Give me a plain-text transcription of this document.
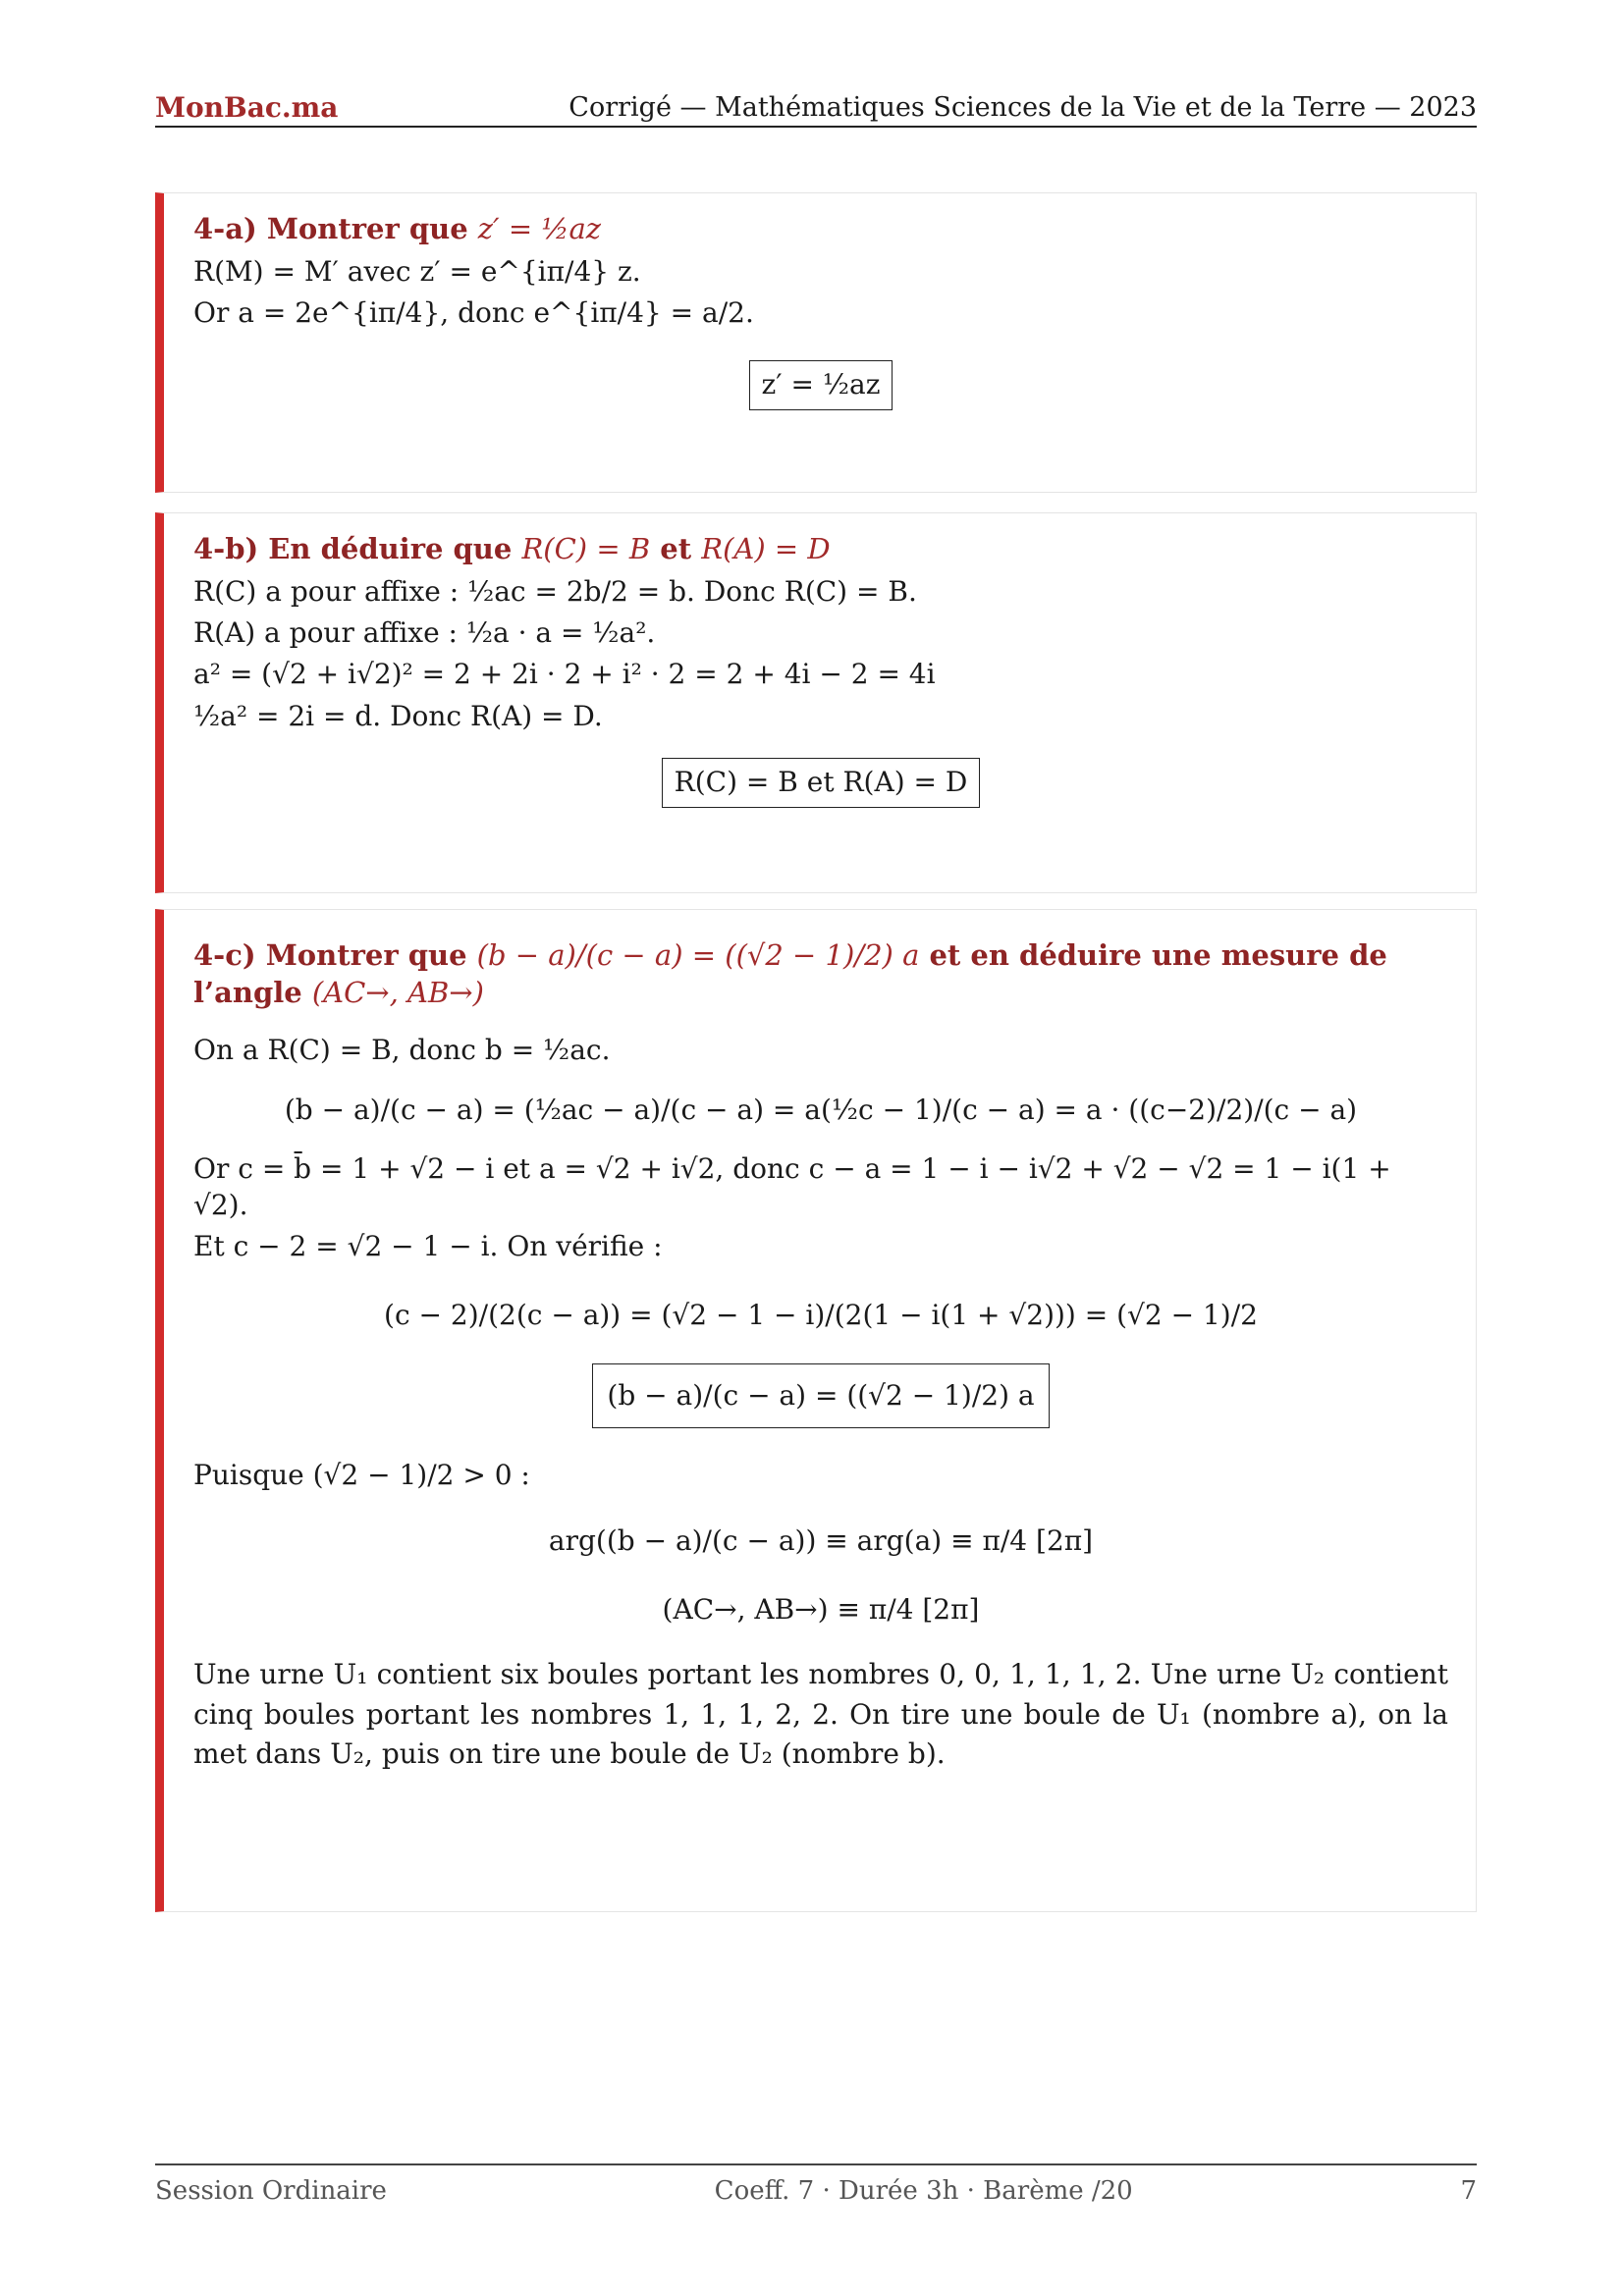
MonBac.ma	Corrigé — Mathématiques Sciences de la Vie et de la Terre — 2023
4-a) Montrer que z′ = ½az
R(M) = M′ avec z′ = e^{iπ/4} z.
Or a = 2e^{iπ/4}, donc e^{iπ/4} = a/2.
z′ = ½az
4-b) En déduire que R(C) = B et R(A) = D
R(C) a pour affixe : ½ac = 2b/2 = b. Donc R(C) = B.
R(A) a pour affixe : ½a · a = ½a².
a² = (√2 + i√2)² = 2 + 2i · 2 + i² · 2 = 2 + 4i − 2 = 4i
½a² = 2i = d. Donc R(A) = D.
R(C) = B et R(A) = D
4-c) Montrer que (b − a)/(c − a) = ((√2 − 1)/2) a et en déduire une mesure de l’angle (AC→, AB→)
On a R(C) = B, donc b = ½ac.
(b − a)/(c − a) = (½ac − a)/(c − a) = a(½c − 1)/(c − a) = a · ((c−2)/2)/(c − a)
Or c = b̄ = 1 + √2 − i et a = √2 + i√2, donc c − a = 1 − i − i√2 + √2 − √2 = 1 − i(1 + √2).
Et c − 2 = √2 − 1 − i. On vérifie :
(c − 2)/(2(c − a)) = (√2 − 1 − i)/(2(1 − i(1 + √2))) = (√2 − 1)/2
(b − a)/(c − a) = ((√2 − 1)/2) a
Puisque (√2 − 1)/2 > 0 :
arg((b − a)/(c − a)) ≡ arg(a) ≡ π/4 [2π]
(AC→, AB→) ≡ π/4 [2π]
Une urne U₁ contient six boules portant les nombres 0, 0, 1, 1, 1, 2. Une urne U₂ contient cinq boules portant les nombres 1, 1, 1, 2, 2. On tire une boule de U₁ (nombre a), on la met dans U₂, puis on tire une boule de U₂ (nombre b).
Session Ordinaire	Coeff. 7 · Durée 3h · Barème /20	7
